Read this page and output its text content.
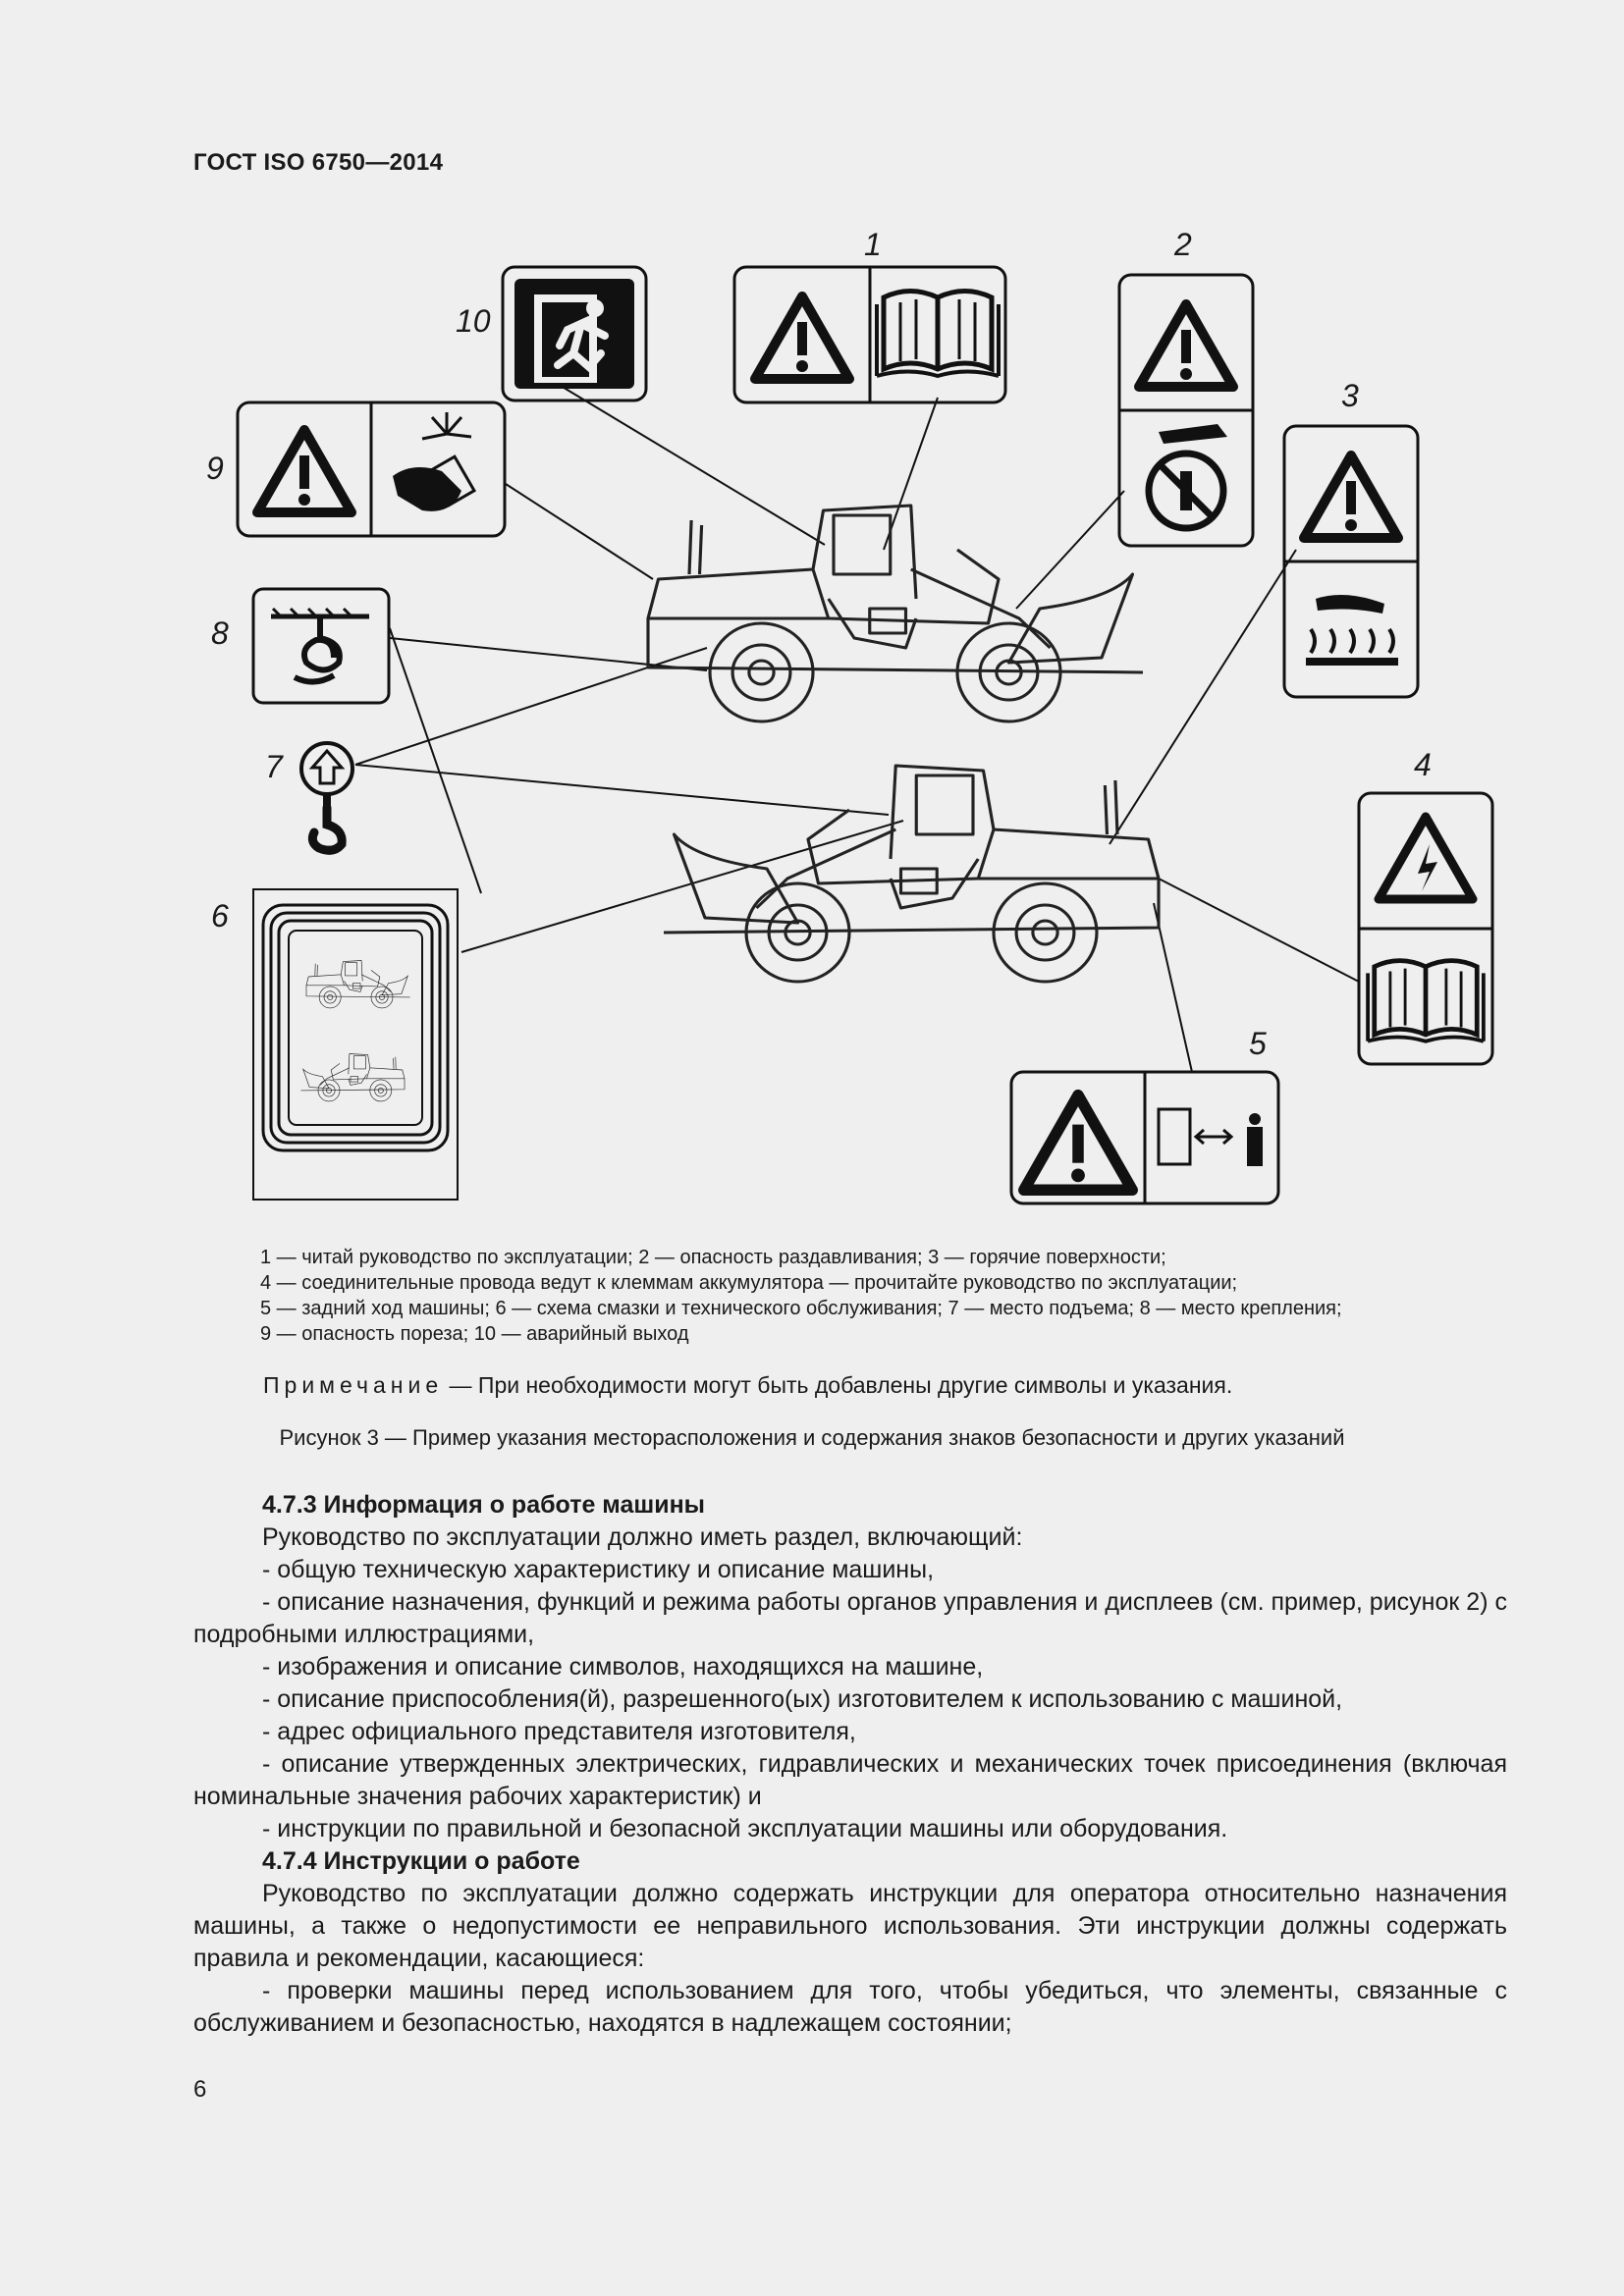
ГОСТ ISO 6750—2014
1	2
3
4
5
6
7
8
9
10
1 — читай руководство по эксплуатации; 2 — опасность раздавливания; 3 — горячие поверхности;
4 — соединительные провода ведут к клеммам аккумулятора — прочитайте руководство по эксплуатации;
5 — задний ход машины; 6 — схема смазки и технического обслуживания; 7 — место подъема; 8 — место крепления;
9 — опасность пореза; 10 — аварийный выход
Примечание — При необходимости могут быть добавлены другие символы и указания.
Рисунок 3 — Пример указания месторасположения и содержания знаков безопасности и других указаний

4.7.3 Информация о работе машины

Руководство по эксплуатации должно иметь раздел, включающий:

- общую техническую характеристику и описание машины,

- описание назначения, функций и режима работы органов управления и дисплеев (см. пример, рисунок 2) с подробными иллюстрациями,

- изображения и описание символов, находящихся на машине,

- описание приспособления(й), разрешенного(ых) изготовителем к использованию с машиной,

- адрес официального представителя изготовителя,

- описание утвержденных электрических, гидравлических и механических точек присоединения (включая номинальные значения рабочих характеристик) и

- инструкции по правильной и безопасной эксплуатации машины или оборудования.

4.7.4 Инструкции о работе

Руководство по эксплуатации должно содержать инструкции для оператора относительно назначения машины, а также о недопустимости ее неправильного использования. Эти инструкции должны содержать правила и рекомендации, касающиеся:

- проверки машины перед использованием для того, чтобы убедиться, что элементы, связанные с обслуживанием и безопасностью, находятся в надлежащем состоянии;

6
